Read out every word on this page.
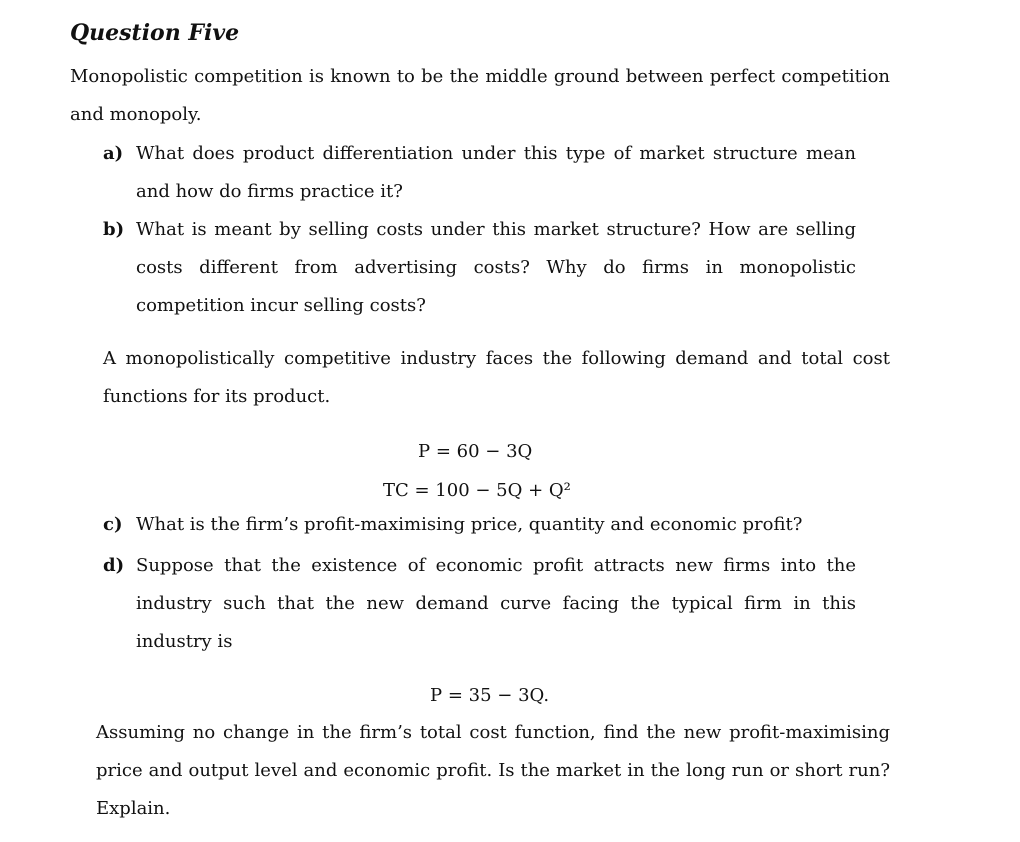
Question Five
Monopolistic competition is known to be the middle ground between perfect competition and monopoly.
a) What does product differentiation under this type of market structure mean and how do firms practice it?
b) What is meant by selling costs under this market structure? How are selling costs different from advertising costs? Why do firms in monopolistic competition incur selling costs?
A monopolistically competitive industry faces the following demand and total cost functions for its product.
P = 60 − 3Q
TC = 100 − 5Q + Q²
c) What is the firm’s profit-maximising price, quantity and economic profit?
d) Suppose that the existence of economic profit attracts new firms into the industry such that the new demand curve facing the typical firm in this industry is
P = 35 − 3Q.
Assuming no change in the firm’s total cost function, find the new profit-maximising price and output level and economic profit. Is the market in the long run or short run? Explain.
